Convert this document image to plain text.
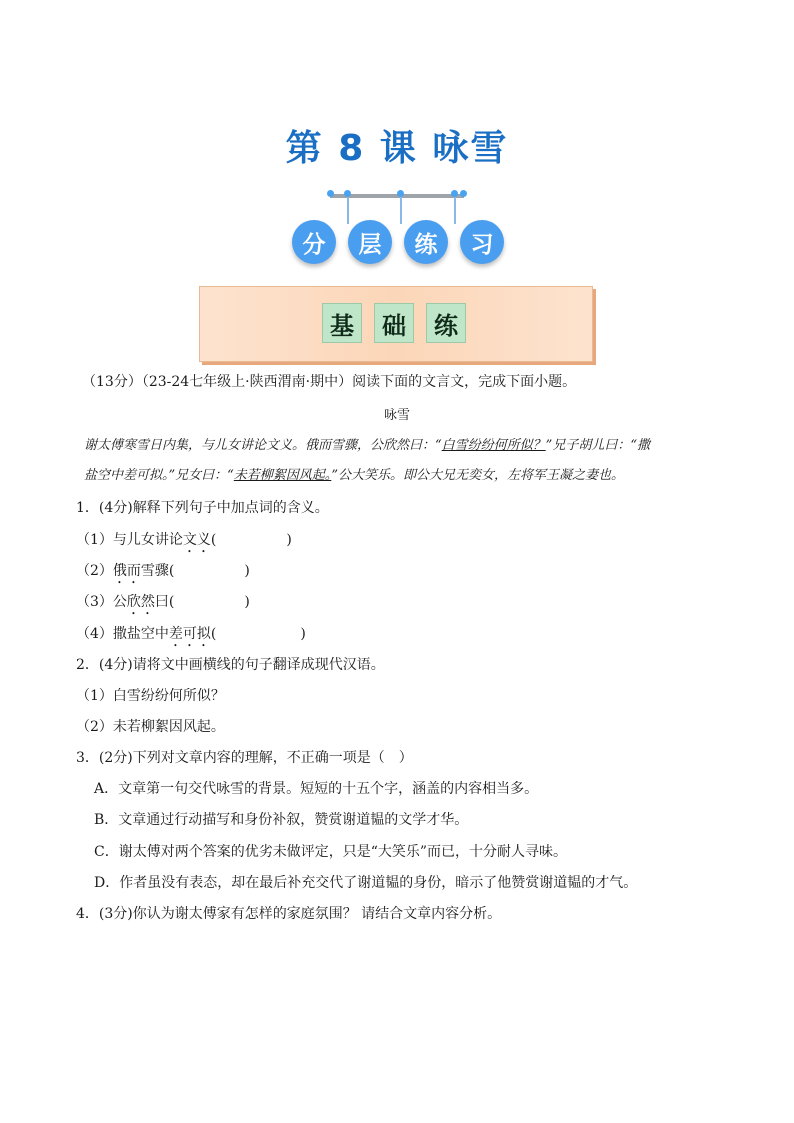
第 8 课 咏雪
分	层	练	习
基	础	练
（13分）（23-24七年级上·陕西渭南·期中）阅读下面的文言文，完成下面小题。
咏雪
谢太傅寒雪日内集，与儿女讲论文义。俄而雪骤，公欣然曰：“白雪纷纷何所似？”兄子胡儿曰：“撒
盐空中差可拟。”兄女曰：“未若柳絮因风起。”公大笑乐。即公大兄无奕女，左将军王凝之妻也。
1．(4分)解释下列句子中加点词的含义。
（1）与儿女讲论文义(　　　　　)
（2）俄而雪骤(　　　　　)
（3）公欣然曰(　　　　　)
（4）撒盐空中差可拟(　　　　　　)
2．(4分)请将文中画横线的句子翻译成现代汉语。
（1）白雪纷纷何所似？
（2）未若柳絮因风起。
3．(2分)下列对文章内容的理解，不正确一项是（　）
A．文章第一句交代咏雪的背景。短短的十五个字，涵盖的内容相当多。
B．文章通过行动描写和身份补叙，赞赏谢道韫的文学才华。
C．谢太傅对两个答案的优劣未做评定，只是“大笑乐”而已，十分耐人寻味。
D．作者虽没有表态，却在最后补充交代了谢道韫的身份，暗示了他赞赏谢道韫的才气。
4．(3分)你认为谢太傅家有怎样的家庭氛围？ 请结合文章内容分析。
